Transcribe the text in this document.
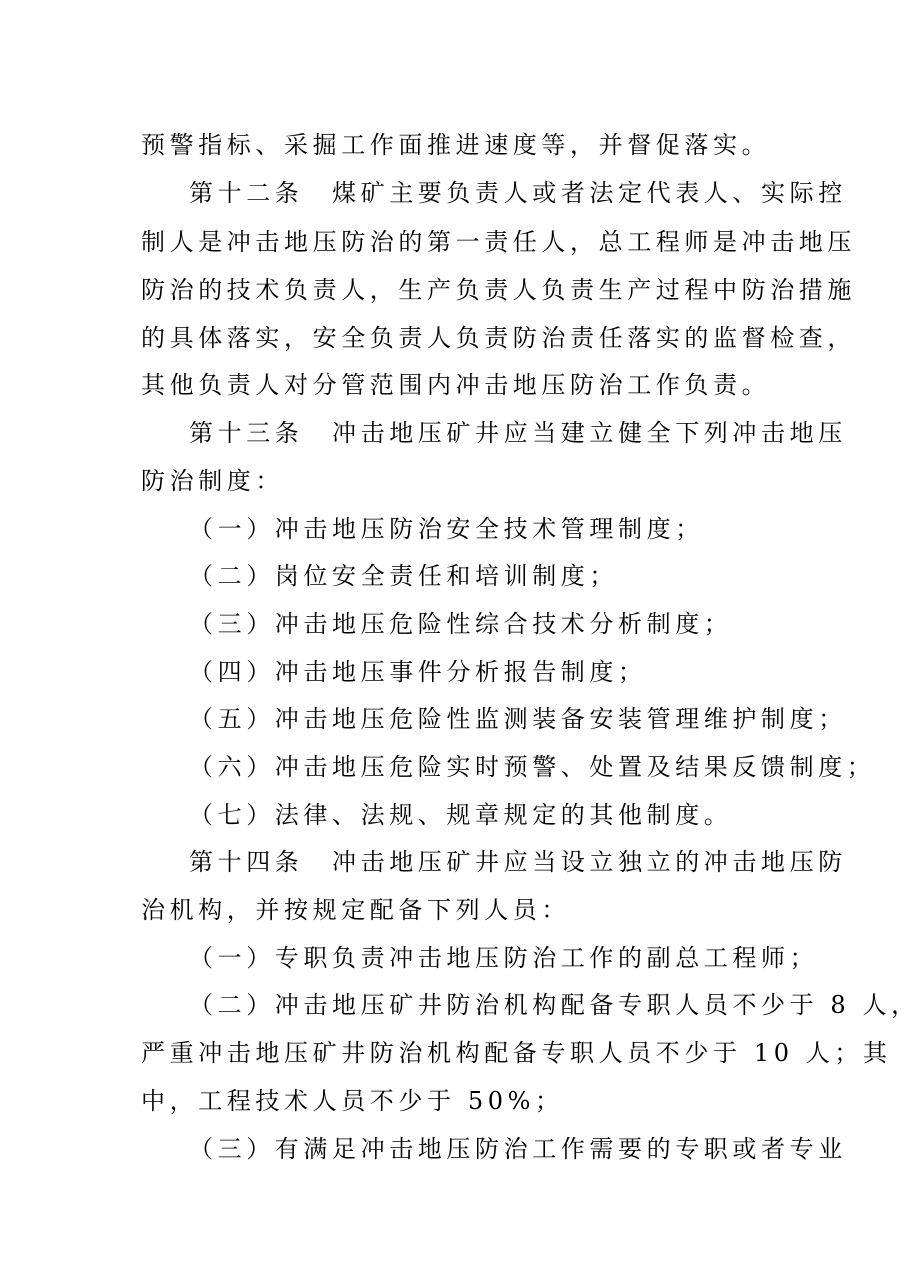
预警指标、采掘工作面推进速度等，并督促落实。
第十二条　煤矿主要负责人或者法定代表人、实际控
制人是冲击地压防治的第一责任人，总工程师是冲击地压
防治的技术负责人，生产负责人负责生产过程中防治措施
的具体落实，安全负责人负责防治责任落实的监督检查，
其他负责人对分管范围内冲击地压防治工作负责。
第十三条　冲击地压矿井应当建立健全下列冲击地压
防治制度：
（一）冲击地压防治安全技术管理制度；
（二）岗位安全责任和培训制度；
（三）冲击地压危险性综合技术分析制度；
（四）冲击地压事件分析报告制度；
（五）冲击地压危险性监测装备安装管理维护制度；
（六）冲击地压危险实时预警、处置及结果反馈制度；
（七）法律、法规、规章规定的其他制度。
第十四条　冲击地压矿井应当设立独立的冲击地压防
治机构，并按规定配备下列人员：
（一）专职负责冲击地压防治工作的副总工程师；
（二）冲击地压矿井防治机构配备专职人员不少于 8 人，
严重冲击地压矿井防治机构配备专职人员不少于 10 人；其
中，工程技术人员不少于 50%；
（三）有满足冲击地压防治工作需要的专职或者专业
